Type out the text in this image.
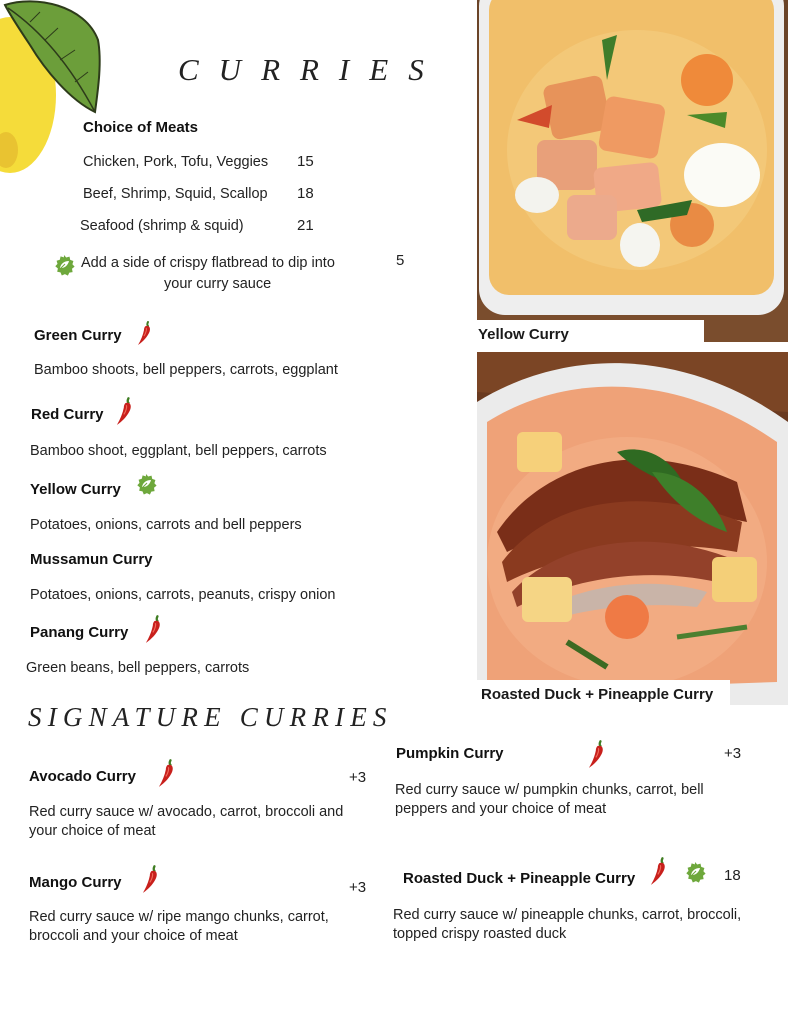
CURRIES
Choice of Meats
Chicken, Pork, Tofu, Veggies 15
Beef, Shrimp, Squid, Scallop 18
Seafood (shrimp & squid)	21
Add a side of crispy flatbread to dip into
your curry sauce
5
Green Curry
Bamboo shoots, bell peppers, carrots, eggplant
Red Curry
Bamboo shoot, eggplant, bell peppers, carrots
Yellow Curry
Potatoes, onions, carrots and bell peppers
Mussamun Curry
Potatoes, onions, carrots, peanuts, crispy onion
Panang Curry
Green beans, bell peppers, carrots
Yellow Curry
Roasted Duck + Pineapple Curry
SIGNATURE CURRIES
Avocado Curry	+3
Red curry sauce w/ avocado, carrot, broccoli and
your choice of meat
Mango Curry	+3
Red curry sauce w/ ripe mango chunks, carrot,
broccoli and your choice of meat
Pumpkin Curry	+3
Red curry sauce w/ pumpkin chunks, carrot, bell
peppers and your choice of meat
Roasted Duck + Pineapple Curry	18
Red curry sauce w/ pineapple chunks, carrot, broccoli,
topped crispy roasted duck
